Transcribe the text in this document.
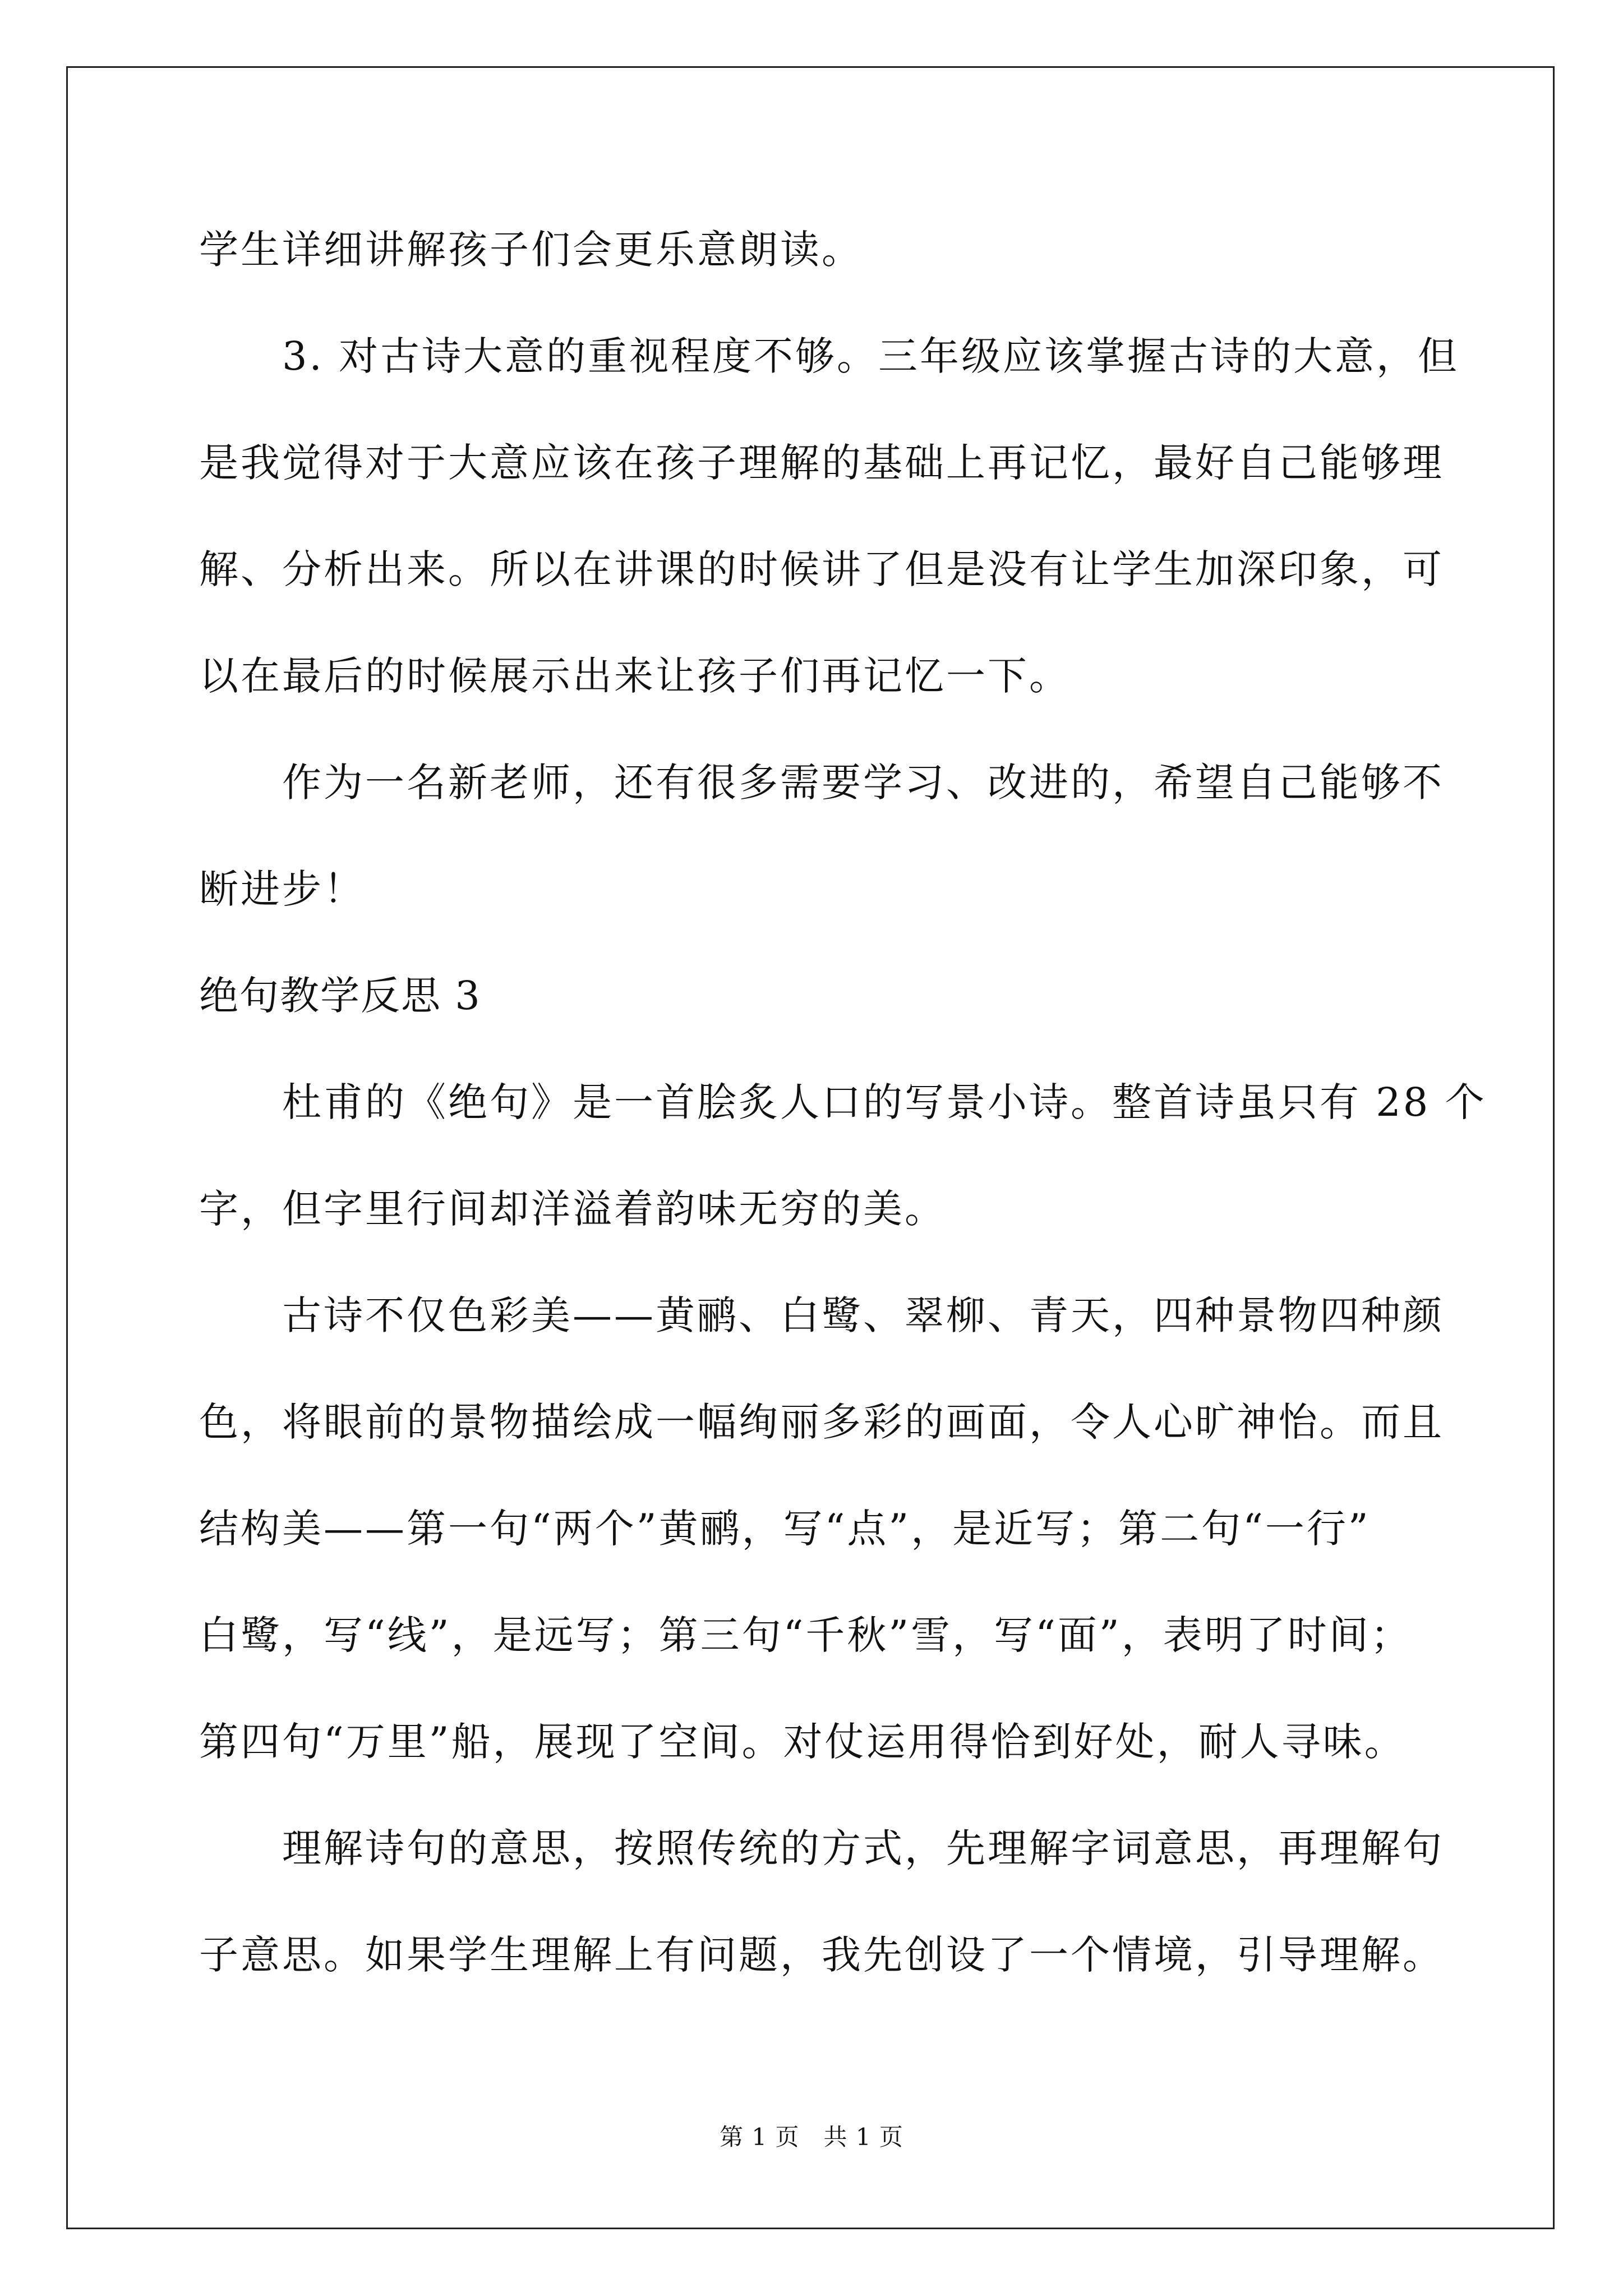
学生详细讲解孩子们会更乐意朗读。
3. 对古诗大意的重视程度不够。三年级应该掌握古诗的大意，但
是我觉得对于大意应该在孩子理解的基础上再记忆，最好自己能够理
解、分析出来。所以在讲课的时候讲了但是没有让学生加深印象，可
以在最后的时候展示出来让孩子们再记忆一下。
作为一名新老师，还有很多需要学习、改进的，希望自己能够不
断进步！
绝句教学反思 3
杜甫的《绝句》是一首脍炙人口的写景小诗。整首诗虽只有 28 个
字，但字里行间却洋溢着韵味无穷的美。
古诗不仅色彩美——黄鹂、白鹭、翠柳、青天，四种景物四种颜
色，将眼前的景物描绘成一幅绚丽多彩的画面，令人心旷神怡。而且
结构美——第一句“两个”黄鹂，写“点”，是近写；第二句“一行”
白鹭，写“线”，是远写；第三句“千秋”雪，写“面”，表明了时间；
第四句“万里”船，展现了空间。对仗运用得恰到好处，耐人寻味。
理解诗句的意思，按照传统的方式，先理解字词意思，再理解句
子意思。如果学生理解上有问题，我先创设了一个情境，引导理解。
第 1 页　共 1 页
